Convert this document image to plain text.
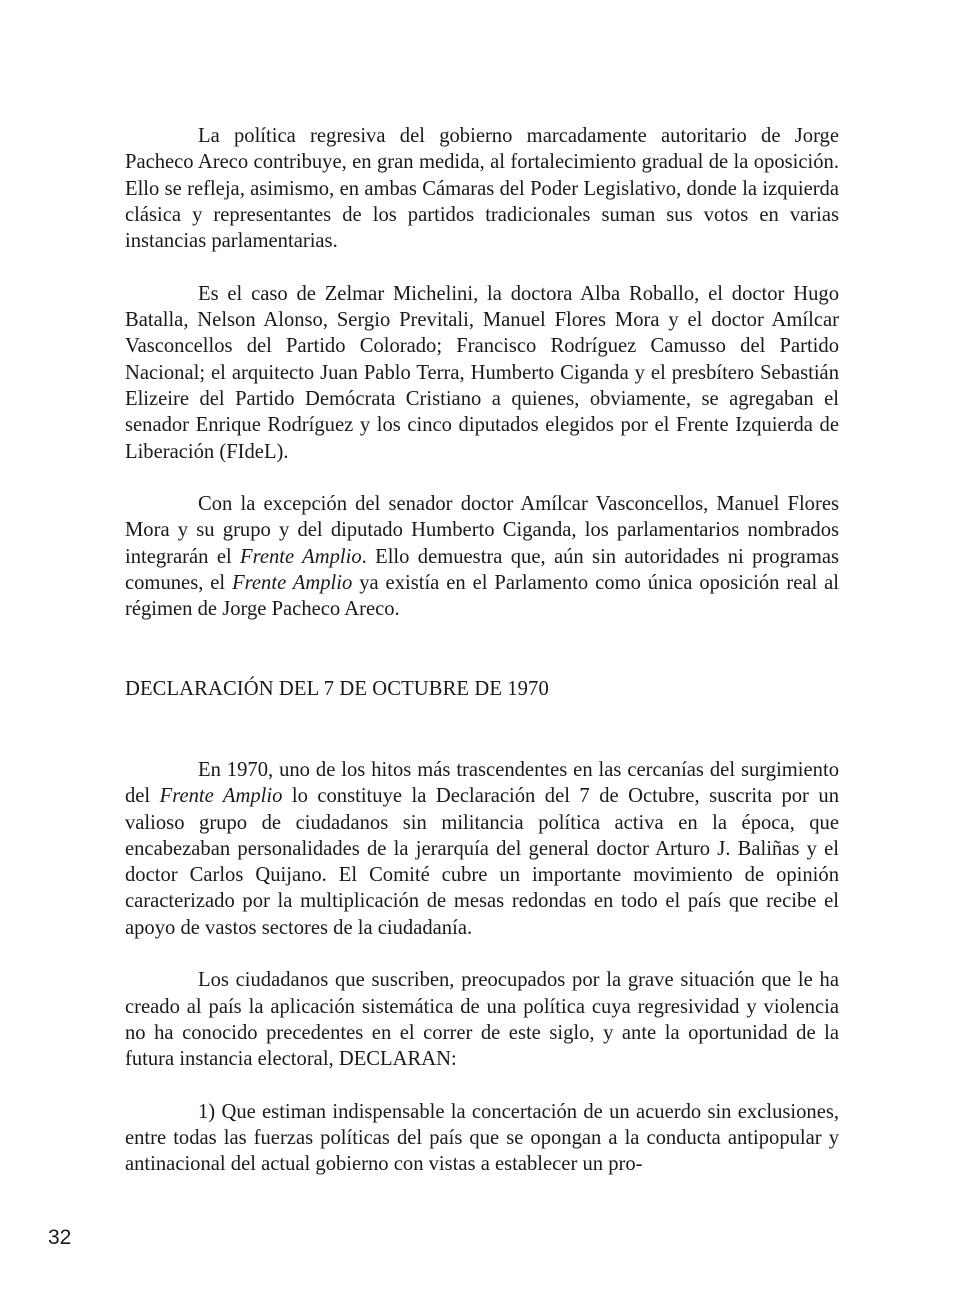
La política regresiva del gobierno marcadamente autoritario de Jorge Pacheco Areco contribuye, en gran medida, al fortalecimiento gradual de la oposición. Ello se refleja, asimismo, en ambas Cámaras del Poder Legislativo, donde la izquierda clásica y representantes de los partidos tradicionales suman sus votos en varias instancias parlamentarias.

Es el caso de Zelmar Michelini, la doctora Alba Roballo, el doctor Hugo Batalla, Nelson Alonso, Sergio Previtali, Manuel Flores Mora y el doctor Amílcar Vasconcellos del Partido Colorado; Francisco Rodríguez Camusso del Partido Nacional; el arquitecto Juan Pablo Terra, Humberto Ciganda y el presbítero Sebastián Elizeire del Partido Demócrata Cristiano a quienes, obviamente, se agregaban el senador Enrique Rodríguez y los cinco diputados elegidos por el Frente Izquierda de Liberación (FIdeL).

Con la excepción del senador doctor Amílcar Vasconcellos, Manuel Flores Mora y su grupo y del diputado Humberto Ciganda, los parlamentarios nombrados integrarán el Frente Amplio. Ello demuestra que, aún sin autoridades ni programas comunes, el Frente Amplio ya existía en el Parlamento como única oposición real al régimen de Jorge Pacheco Areco.

DECLARACIÓN DEL 7 DE OCTUBRE DE 1970

En 1970, uno de los hitos más trascendentes en las cercanías del surgimiento del Frente Amplio lo constituye la Declaración del 7 de Octubre, suscrita por un valioso grupo de ciudadanos sin militancia política activa en la época, que encabezaban personalidades de la jerarquía del general doctor Arturo J. Baliñas y el doctor Carlos Quijano. El Comité cubre un importante movimiento de opinión caracterizado por la multiplicación de mesas redondas en todo el país que recibe el apoyo de vastos sectores de la ciudadanía.

Los ciudadanos que suscriben, preocupados por la grave situación que le ha creado al país la aplicación sistemática de una política cuya regresividad y violencia no ha conocido precedentes en el correr de este siglo, y ante la oportunidad de la futura instancia electoral, DECLARAN:

1) Que estiman indispensable la concertación de un acuerdo sin exclusiones, entre todas las fuerzas políticas del país que se opongan a la conducta antipopular y antinacional del actual gobierno con vistas a establecer un pro-

32
